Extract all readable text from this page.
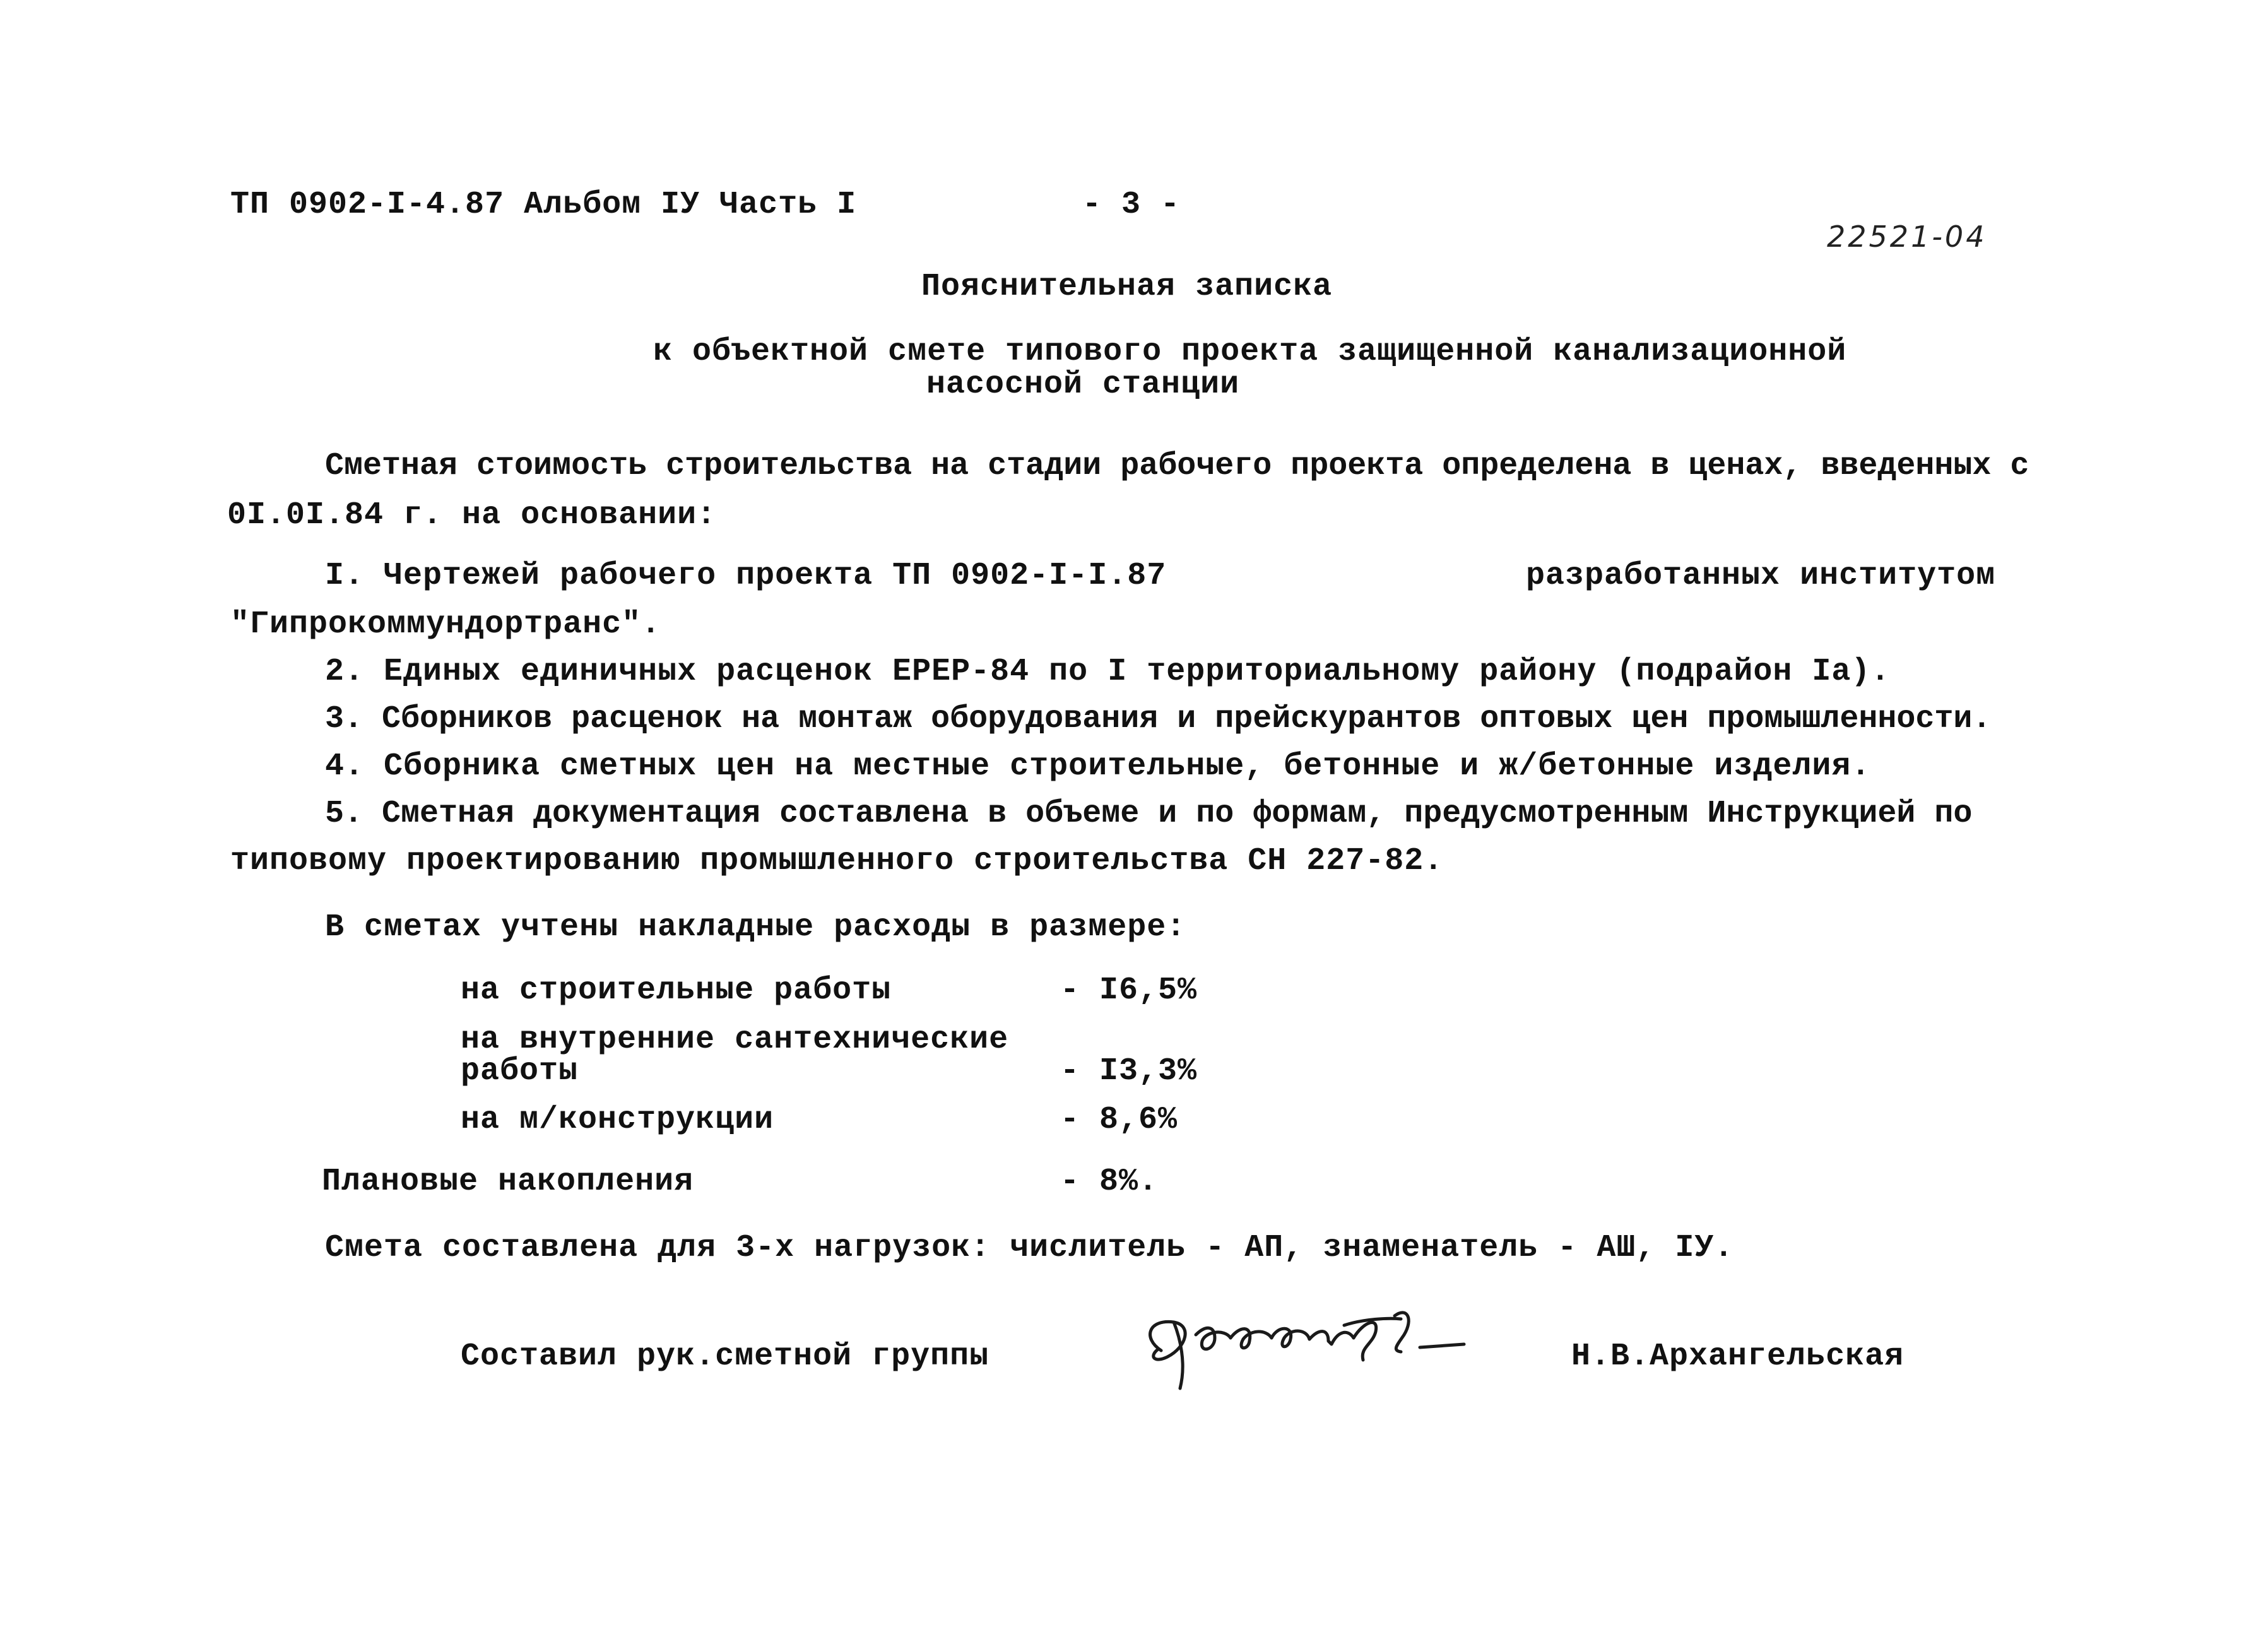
ТП 0902-I-4.87 Альбом IУ Часть I	- 3 -
22521-04
Пояснительная записка
к объектной смете типового проекта защищенной канализационной
насосной станции
Сметная стоимость строительства на стадии рабочего проекта определена в ценах, введенных с
0I.0I.84 г. на основании:
I. Чертежей рабочего проекта ТП 0902-I-I.87	разработанных институтом
"Гипрокоммундортранс".
2. Единых единичных расценок ЕРЕР-84 по I территориальному району (подрайон Iа).
3. Сборников расценок на монтаж оборудования и прейскурантов оптовых цен промышленности.
4. Сборника сметных цен на местные строительные, бетонные и ж/бетонные изделия.
5. Сметная документация составлена в объеме и по формам, предусмотренным Инструкцией по
типовому проектированию промышленного строительства СН 227-82.
В сметах учтены накладные расходы в размере:
на строительные работы	- I6,5%
на внутренние сантехнические
работы	- I3,3%
на м/конструкции	- 8,6%
Плановые накопления	- 8%.
Смета составлена для 3-х нагрузок: числитель - АП, знаменатель - АШ, IУ.
Составил рук.сметной группы	Н.В.Архангельская
